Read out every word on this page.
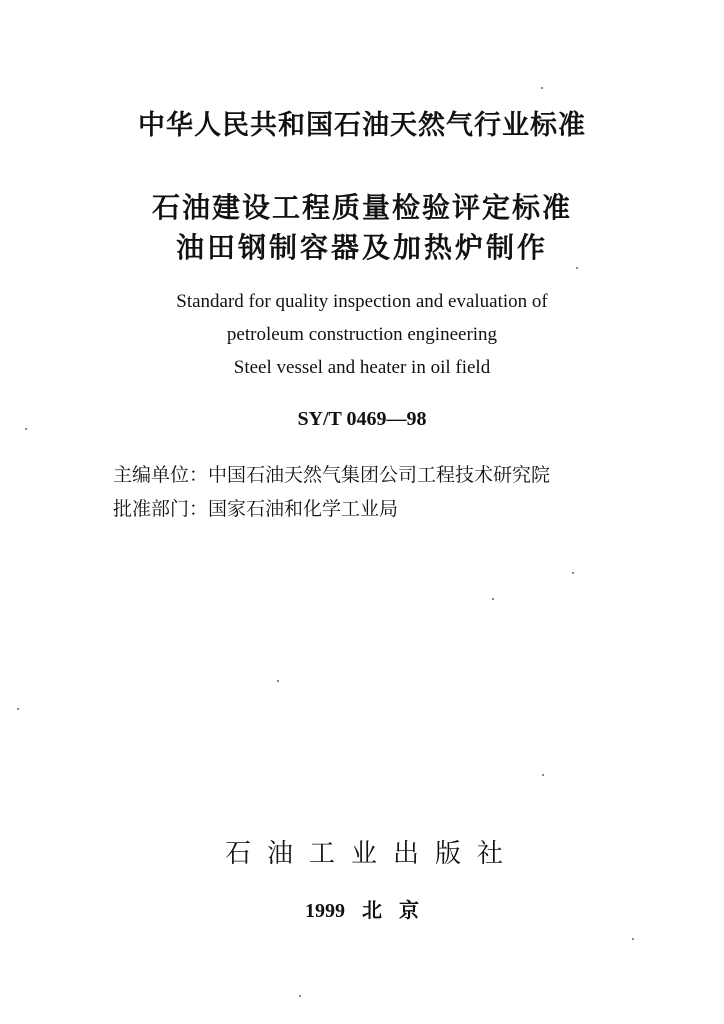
中华人民共和国石油天然气行业标准
石油建设工程质量检验评定标准
油田钢制容器及加热炉制作
Standard for quality inspection and evaluation of
petroleum construction engineering
Steel vessel and heater in oil field
SY/T 0469—98
主编单位：中国石油天然气集团公司工程技术研究院
批准部门：国家石油和化学工业局
石油工业出版社
1999 北 京
